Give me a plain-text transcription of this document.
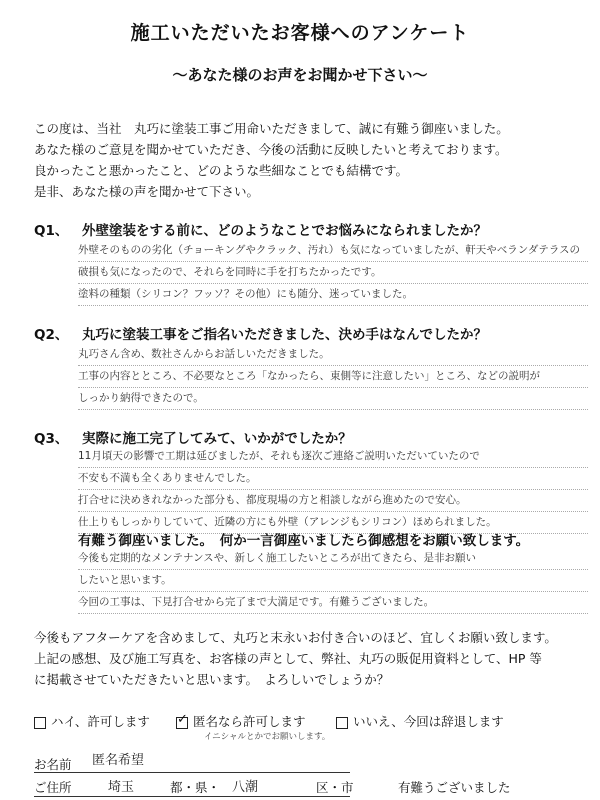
施工いただいたお客様へのアンケート
～あなた様のお声をお聞かせ下さい～
この度は、当社　丸巧に塗装工事ご用命いただきまして、誠に有難う御座いました。
あなた様のご意見を聞かせていただき、今後の活動に反映したいと考えております。
良かったこと悪かったこと、どのような些細なことでも結構です。
是非、あなた様の声を聞かせて下さい。
Q1、 外壁塗装をする前に、どのようなことでお悩みになられましたか？
外壁そのものの劣化（チョーキングやクラック、汚れ）も気になっていましたが、軒天やベランダテラスの
破損も気になったので、それらを同時に手を打ちたかったです。
塗料の種類（シリコン？フッソ？その他）にも随分、迷っていました。
Q2、 丸巧に塗装工事をご指名いただきました、決め手はなんでしたか？
丸巧さん含め、数社さんからお話しいただきました。
工事の内容とところ、不必要なところ「なかったら、東側等に注意したい」ところ、などの説明が
しっかり納得できたので。
Q3、 実際に施工完了してみて、いかがでしたか？
11月頃天の影響で工期は延びましたが、それも逐次ご連絡ご説明いただいていたので
不安も不満も全くありませんでした。
打合せに決めきれなかった部分も、都度現場の方と相談しながら進めたので安心。
仕上りもしっかりしていて、近隣の方にも外壁（アレンジもシリコン）ほめられました。
有難う御座いました。　何か一言御座いましたら御感想をお願い致します。
今後も定期的なメンテナンスや、新しく施工したいところが出てきたら、是非お願い
したいと思います。
今回の工事は、下見打合せから完了まで大満足です。有難うございました。
今後もアフターケアを含めまして、丸巧と末永いお付き合いのほど、宜しくお願い致します。
上記の感想、及び施工写真を、お客様の声として、弊社、丸巧の販促用資料として、HP 等
に掲載させていただきたいと思います。　よろしいでしょうか？
ハイ、許可します
✓	匿名なら許可します	いいえ、今回は辞退します
イニシャルとかでお願いします。
お名前 匿名希望
ご住所	埼玉	都・県・ 八潮	区・市	有難うございました
